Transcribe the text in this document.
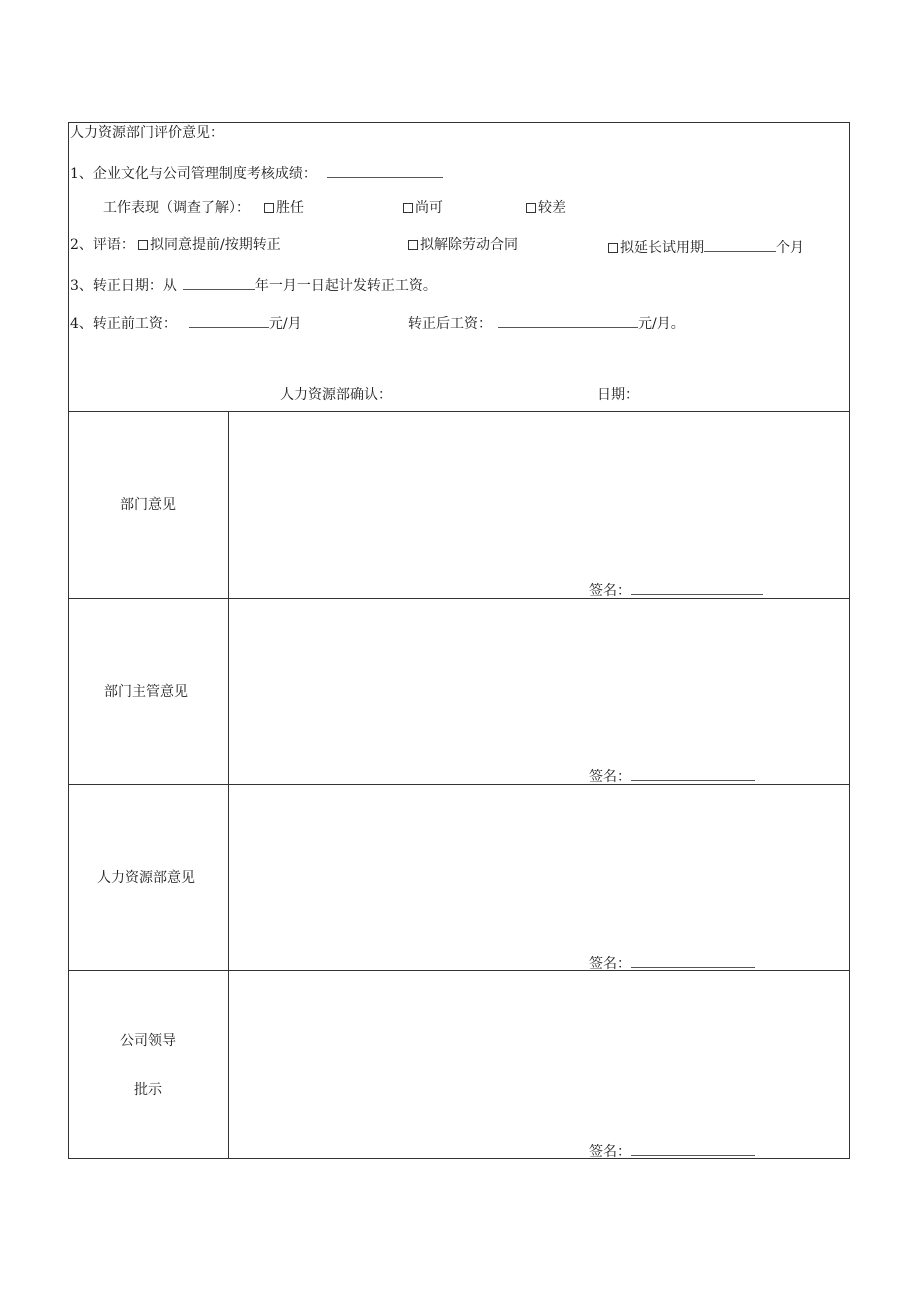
人力资源部门评价意见：
1、企业文化与公司管理制度考核成绩：
工作表现（调查了解）：	胜任	尚可	较差
2、评语：	拟同意提前/按期转正	拟解除劳动合同	拟延长试用期	个月
3、转正日期：从	年一月一日起计发转正工资。
4、转正前工资：	元/月	转正后工资：	元/月。
人力资源部确认：	日期：
部门意见
签名：
部门主管意见
签名：
人力资源部意见
签名：
公司领导
批示
签名：
